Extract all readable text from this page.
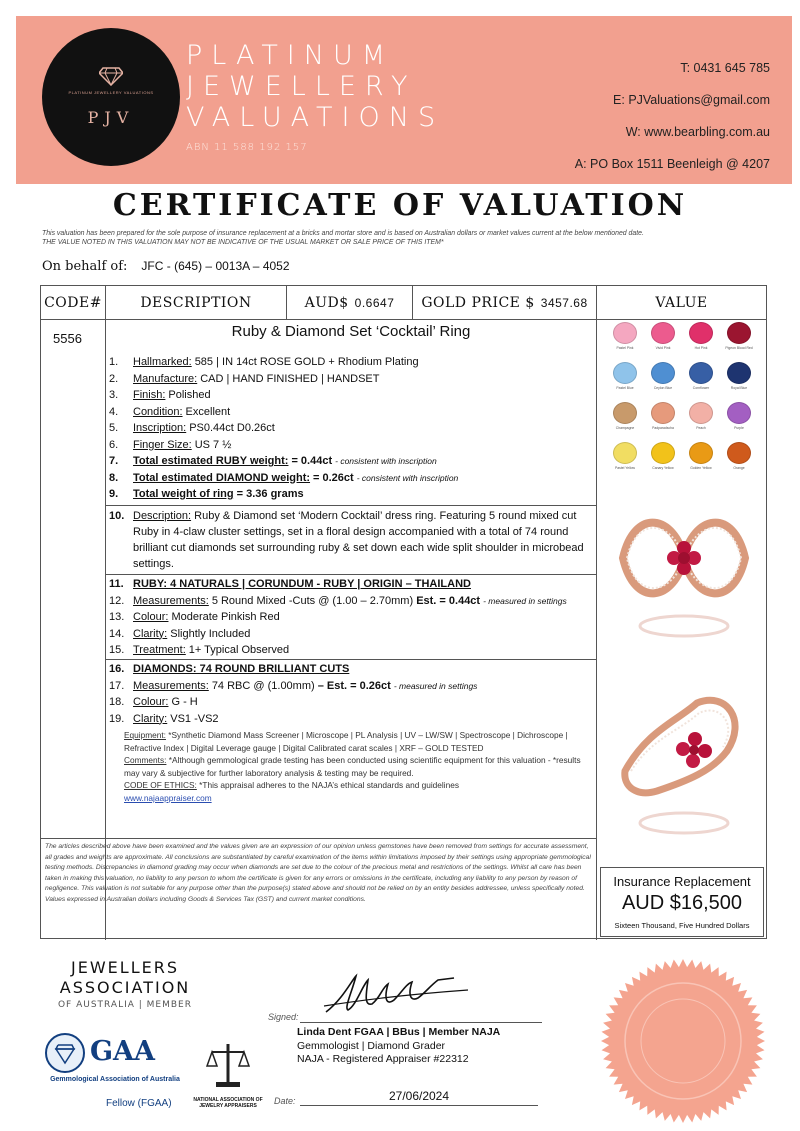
PLATINUM JEWELLERY VALUATIONS
PJV
PLATINUM
JEWELLERY
VALUATIONS
ABN 11 588 192 157
T: 0431 645 785
E: PJValuations@gmail.com
W: www.bearbling.com.au
A: PO Box 1511 Beenleigh @ 4207
CERTIFICATE OF VALUATION
This valuation has been prepared for the sole purpose of insurance replacement at a bricks and mortar store and is based on Australian dollars or market values current at the below mentioned date.
THE VALUE NOTED IN THIS VALUATION MAY NOT BE INDICATIVE OF THE USUAL MARKET OR SALE PRICE OF THIS ITEM*
On behalf of: JFC - (645) – 0013A – 4052
CODE#	DESCRIPTION	AUD$ 0.6647 GOLD PRICE $ 3457.68	VALUE
5556	Ruby & Diamond Set ‘Cocktail’ Ring
1.	Hallmarked: 585 | IN 14ct ROSE GOLD + Rhodium Plating
2.	Manufacture: CAD | HAND FINISHED | HANDSET
3.	Finish: Polished
4.	Condition: Excellent
5.	Inscription: PS0.44ct D0.26ct
6.	Finger Size: US 7 ½
7.	Total estimated RUBY weight: = 0.44ct - consistent with inscription
8.	Total estimated DIAMOND weight: = 0.26ct - consistent with inscription
9.	Total weight of ring = 3.36 grams
10. Description: Ruby & Diamond set ‘Modern Cocktail’ dress ring. Featuring 5 round mixed cut
Ruby in 4-claw cluster settings, set in a floral design accompanied with a total of 74 round
brilliant cut diamonds set surrounding ruby & set down each wide split shoulder in microbead
settings.
11. RUBY: 4 NATURALS | CORUNDUM - RUBY | ORIGIN – THAILAND
12. Measurements: 5 Round Mixed -Cuts @ (1.00 – 2.70mm)
Est. = 0.44ct - measured in settings
13. Colour: Moderate Pinkish Red
14. Clarity: Slightly Included
15. Treatment: 1+ Typical Observed
16. DIAMONDS: 74 ROUND BRILLIANT CUTS
17. Measurements: 74 RBC @ (1.00mm)
– Est. = 0.26ct - measured in settings
18. Colour: G - H
19. Clarity: VS1 -VS2
Equipment: *Synthetic Diamond Mass Screener | Microscope | PL Analysis | UV – LW/SW | Spectroscope | Dichroscope | Refractive Index | Digital Leverage gauge | Digital Calibrated carat scales | XRF – GOLD TESTED
Comments: *Although gemmological grade testing has been conducted using scientific equipment for this valuation - *results may vary & subjective for further laboratory analysis & testing may be required.
CODE OF ETHICS: *This appraisal adheres to the NAJA’s ethical standards and guidelines
www.najaappraiser.com
The articles described above have been examined and the values given are an expression of our opinion unless gemstones have been removed from settings for accurate assessment, all grades and weights are approximate. All conclusions are substantiated by careful examination of the items within limitations imposed by their settings using appropriate gemmological testing methods. Discrepancies in diamond grading may occur when diamonds are set due to the colour of the precious metal and restrictions of the settings. Whilst all care has been taken in making this valuation, no liability to any person to whom the certificate is given for any errors or omissions in the certificate, including any liability to any person by reason of negligence. This valuation is not suitable for any purpose other than the purpose(s) stated above and should not be relied on by an entity besides addressee, unless specifically noted. Values expressed in Australian dollars including Goods & Services Tax (GST) and current market conditions.
Pastel Pink	Vivid Pink	Hot Pink	Pigeon Blood Red
Pastel Blue	Ceylon Blue	Cornflower	Royal Blue
Champagne	Padparadscha	Peach	Purple
Pastel Yellow	Canary Yellow	Golden Yellow	Orange
Insurance Replacement
AUD $16,500
Sixteen Thousand, Five Hundred Dollars
JEWELLERS
ASSOCIATION
OF AUSTRALIA | MEMBER
GAA
Gemmological Association of Australia
Fellow (FGAA)	NATIONAL ASSOCIATION OF JEWELRY APPRAISERS
Signed:
Linda Dent FGAA | BBus | Member NAJA
Gemmologist | Diamond Grader
NAJA - Registered Appraiser #22312
Date:	27/06/2024
